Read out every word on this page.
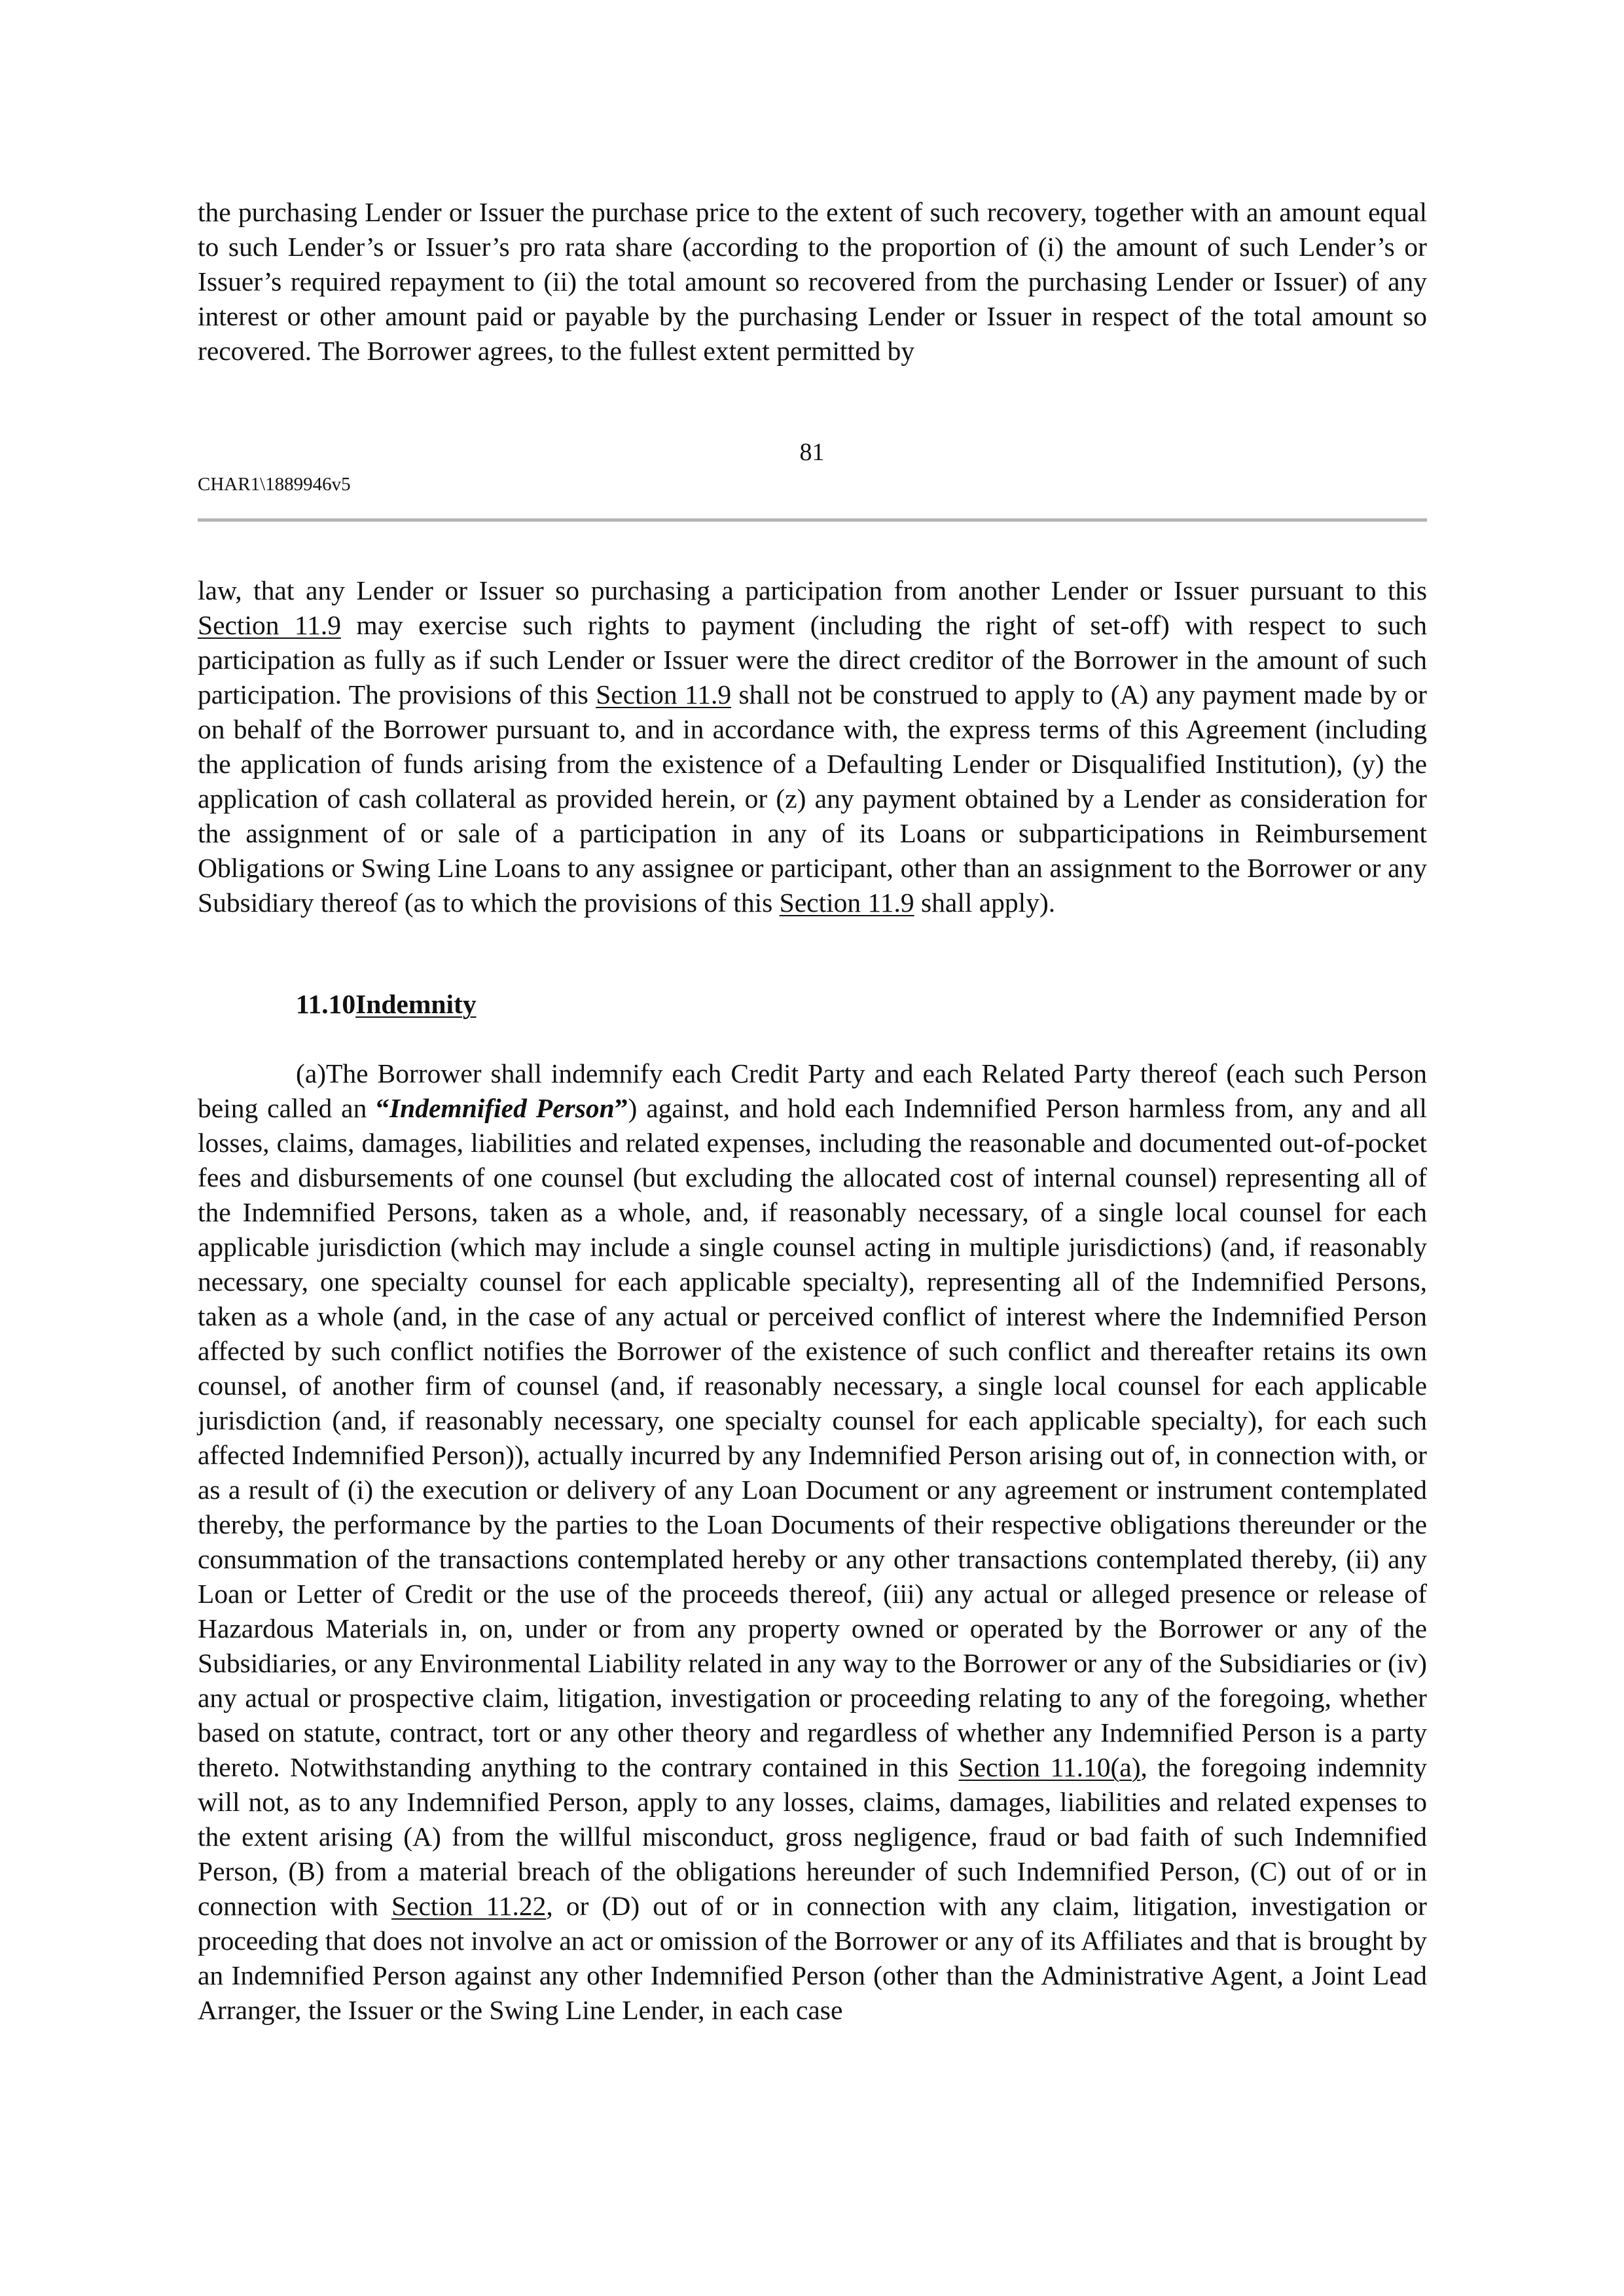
the purchasing Lender or Issuer the purchase price to the extent of such recovery, together with an amount equal to such Lender’s or Issuer’s pro rata share (according to the proportion of (i) the amount of such Lender’s or Issuer’s required repayment to (ii) the total amount so recovered from the purchasing Lender or Issuer) of any interest or other amount paid or payable by the purchasing Lender or Issuer in respect of the total amount so recovered. The Borrower agrees, to the fullest extent permitted by

81
CHAR1\1889946v5

law, that any Lender or Issuer so purchasing a participation from another Lender or Issuer pursuant to this Section 11.9 may exercise such rights to payment (including the right of set-off) with respect to such participation as fully as if such Lender or Issuer were the direct creditor of the Borrower in the amount of such participation. The provisions of this Section 11.9 shall not be construed to apply to (A) any payment made by or on behalf of the Borrower pursuant to, and in accordance with, the express terms of this Agreement (including the application of funds arising from the existence of a Defaulting Lender or Disqualified Institution), (y) the application of cash collateral as provided herein, or (z) any payment obtained by a Lender as consideration for the assignment of or sale of a participation in any of its Loans or subparticipations in Reimbursement Obligations or Swing Line Loans to any assignee or participant, other than an assignment to the Borrower or any Subsidiary thereof (as to which the provisions of this Section 11.9 shall apply).

11.10Indemnity

(a)The Borrower shall indemnify each Credit Party and each Related Party thereof (each such Person being called an “Indemnified Person”) against, and hold each Indemnified Person harmless from, any and all losses, claims, damages, liabilities and related expenses, including the reasonable and documented out-of-pocket fees and disbursements of one counsel (but excluding the allocated cost of internal counsel) representing all of the Indemnified Persons, taken as a whole, and, if reasonably necessary, of a single local counsel for each applicable jurisdiction (which may include a single counsel acting in multiple jurisdictions) (and, if reasonably necessary, one specialty counsel for each applicable specialty), representing all of the Indemnified Persons, taken as a whole (and, in the case of any actual or perceived conflict of interest where the Indemnified Person affected by such conflict notifies the Borrower of the existence of such conflict and thereafter retains its own counsel, of another firm of counsel (and, if reasonably necessary, a single local counsel for each applicable jurisdiction (and, if reasonably necessary, one specialty counsel for each applicable specialty), for each such affected Indemnified Person)), actually incurred by any Indemnified Person arising out of, in connection with, or as a result of (i) the execution or delivery of any Loan Document or any agreement or instrument contemplated thereby, the performance by the parties to the Loan Documents of their respective obligations thereunder or the consummation of the transactions contemplated hereby or any other transactions contemplated thereby, (ii) any Loan or Letter of Credit or the use of the proceeds thereof, (iii) any actual or alleged presence or release of Hazardous Materials in, on, under or from any property owned or operated by the Borrower or any of the Subsidiaries, or any Environmental Liability related in any way to the Borrower or any of the Subsidiaries or (iv) any actual or prospective claim, litigation, investigation or proceeding relating to any of the foregoing, whether based on statute, contract, tort or any other theory and regardless of whether any Indemnified Person is a party thereto. Notwithstanding anything to the contrary contained in this Section 11.10(a), the foregoing indemnity will not, as to any Indemnified Person, apply to any losses, claims, damages, liabilities and related expenses to the extent arising (A) from the willful misconduct, gross negligence, fraud or bad faith of such Indemnified Person, (B) from a material breach of the obligations hereunder of such Indemnified Person, (C) out of or in connection with Section 11.22, or (D) out of or in connection with any claim, litigation, investigation or proceeding that does not involve an act or omission of the Borrower or any of its Affiliates and that is brought by an Indemnified Person against any other Indemnified Person (other than the Administrative Agent, a Joint Lead Arranger, the Issuer or the Swing Line Lender, in each case
